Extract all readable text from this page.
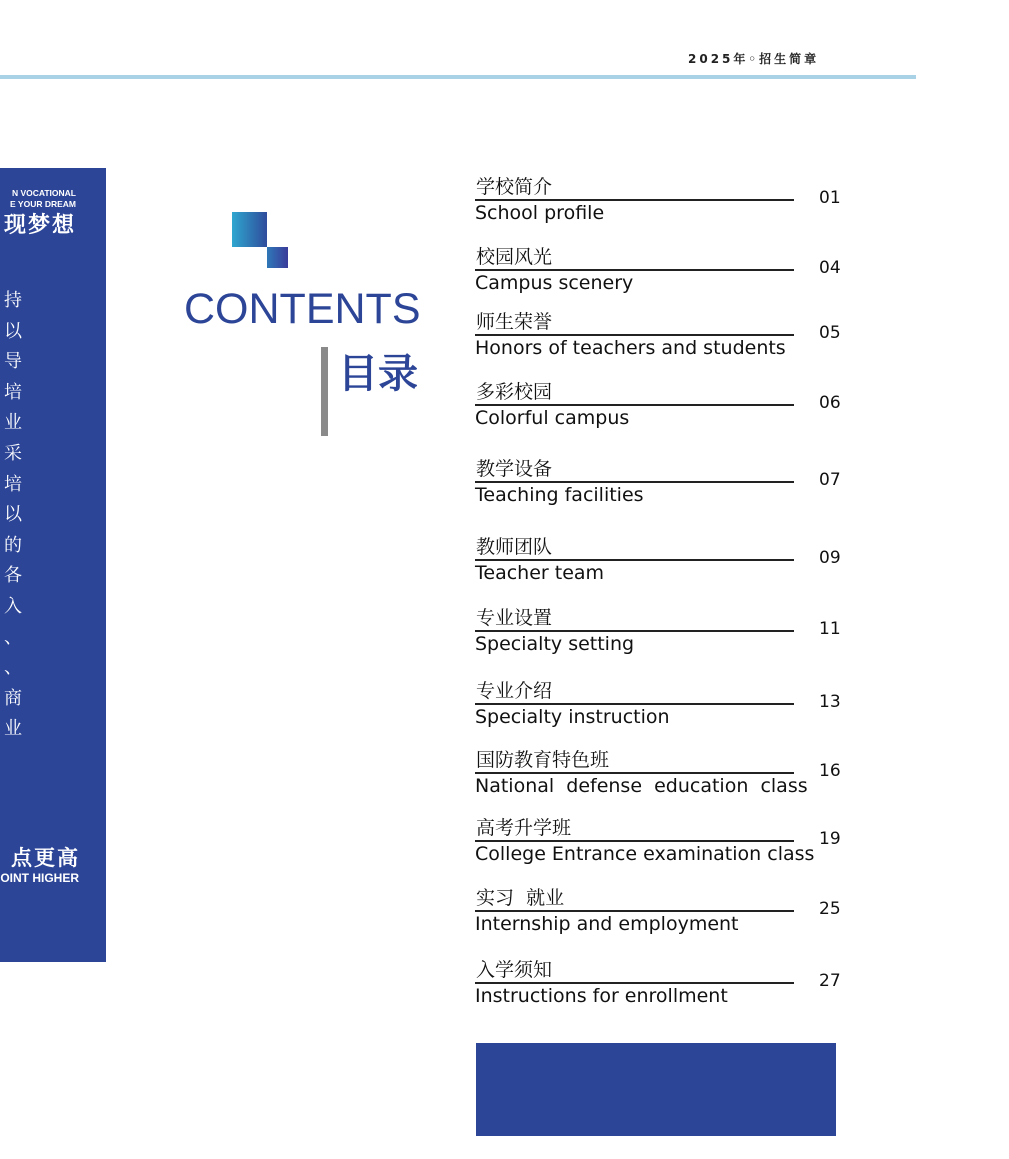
2025年◦招生简章
N VOCATIONAL
E YOUR DREAM
现梦想
持
以
导
培
业
采
培
以
的
各
入
、
、
商
业
点更高
OINT HIGHER
CONTENTS
目录
学校简介
School profile
01
校园风光
Campus scenery
04
师生荣誉
Honors of teachers and students
05
多彩校园
Colorful campus
06
教学设备
Teaching facilities
07
教师团队
Teacher team
09
专业设置
Specialty setting
11
专业介绍
Specialty instruction
13
国防教育特色班
National  defense  education  class
16
高考升学班
College Entrance examination class
19
实习  就业
Internship and employment
25
入学须知
Instructions for enrollment
27
